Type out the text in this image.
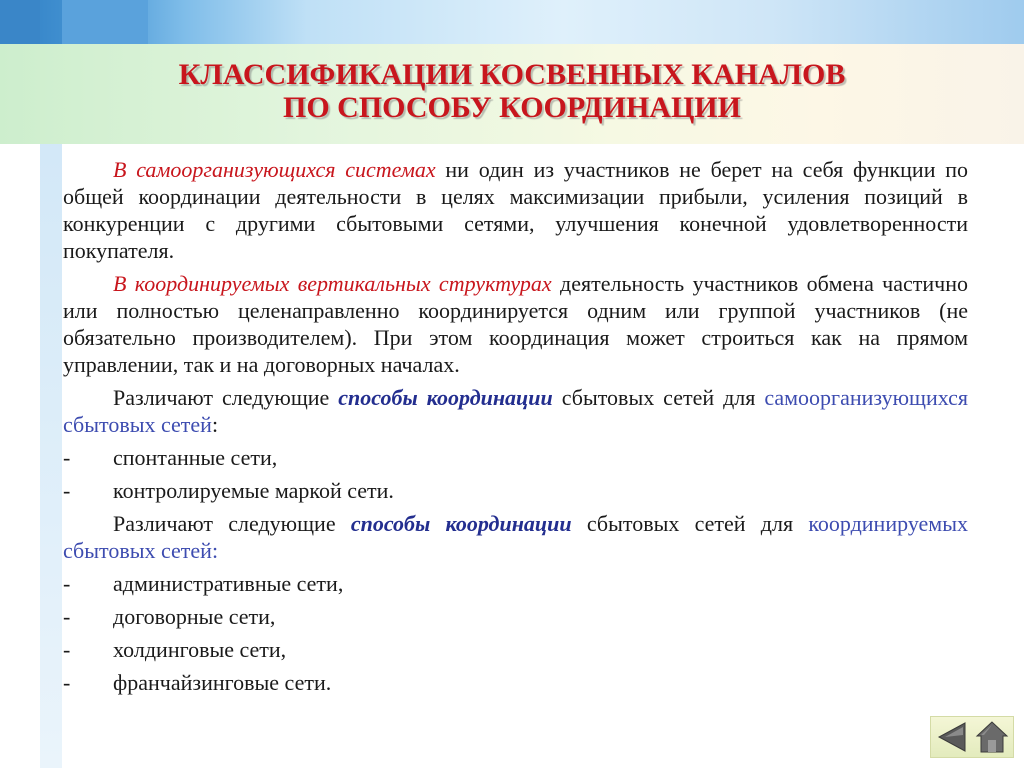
КЛАССИФИКАЦИИ КОСВЕННЫХ КАНАЛОВ
ПО СПОСОБУ КООРДИНАЦИИ

В самоорганизующихся системах ни один из участников не берет на себя функции по общей координации деятельности в целях максимизации прибыли, усиления позиций в конкуренции с другими сбытовыми сетями, улучшения конечной удовлетворенности покупателя.

В координируемых вертикальных структурах деятельность участников обмена частично или полностью целенаправленно координируется одним или группой участников (не обязательно производителем). При этом координация может строиться как на прямом управлении, так и на договорных началах.

Различают следующие способы координации сбытовых сетей для самоорганизующихся сбытовых сетей:

-	спонтанные сети,
-	контролируемые маркой сети.

Различают следующие способы координации сбытовых сетей для координируемых сбытовых сетей:

-	административные сети,
-	договорные сети,
-	холдинговые сети,
-	франчайзинговые сети.
